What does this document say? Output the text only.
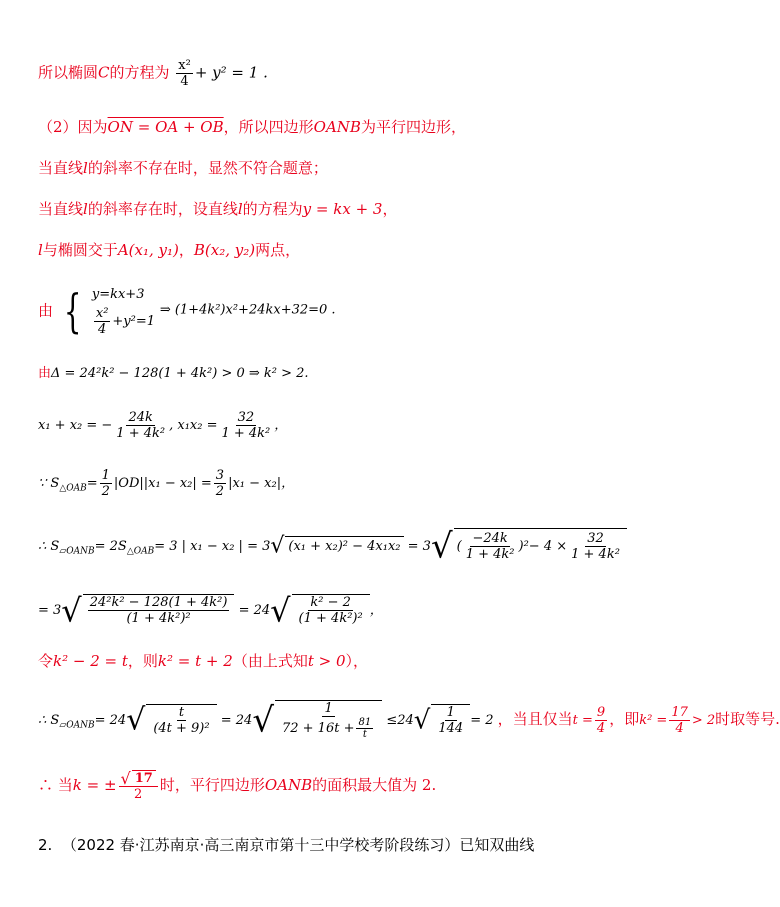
所以椭圆C的方程为 $\frac{\text{x²}}{4} + y^2 = 1$ .
（2）因为ON = OA + OB，所以四边形OANB为平行四边形，
当直线l的斜率不存在时，显然不符合题意；
当直线l的斜率存在时，设直线l的方程为y = kx + 3，
l与椭圆交于A(x₁, y₁)，B(x₂, y₂)两点，
由 { y=kx+3
$\frac{\text{x²}}{4} +y^2=1$
⇒ (1+4k²)x²+24kx+32=0 .
由Δ = 24²k² − 128(1 + 4k²) > 0 ⇒ k² > 2.
x₁ + x₂ = − $\frac{24k}{\text{1 + 4k²}}$ , $x_1x_2 = \frac{32}{\text{1 + 4k²}}$ ，
∵ $S_{\triangle OAB}= \frac{1}{2} |OD||x_1 - x_2| = \frac{3}{2} |x_1 - x_2|$，
∴ $S_{▱OANB}= 2S_{\triangle OAB}= 3$ | x₁ − x₂ | = 3√ (x₁ + x₂)² − 4x₁x₂ = 3√ ( $\frac{-24k}{\text{1 + 4k²}} )^2- 4 \times \frac{32}{\text{1 + 4k²}}$
= $3√ \frac{\text{24²k² − 128(1 + 4k²)}}{\text{(1 + 4k²)²}} = 24√ \frac{\text{k² − 2}}{\text{(1 + 4k²)²}}$ ，
令k² − 2 = t，则k² = t + 2（由上式知t > 0），
∴ $S_{▱OANB}= 24√ \frac{t}{\text{(4t + 9)²}} = 24√ \frac{1}{72 + 16t + \frac{81}{t}} \le 24√ \frac{1}{144} = 2$ ，当且仅当$t = \frac{9}{4}$ ，即$k^2 = \frac{17}{4} > 2$时取等号.
∴ 当k = ± $\frac{√ 17}{2}$ 时，平行四边形OANB的面积最大值为 2.
2. （2022 春·江苏南京·高三南京市第十三中学校考阶段练习）已知双曲线
